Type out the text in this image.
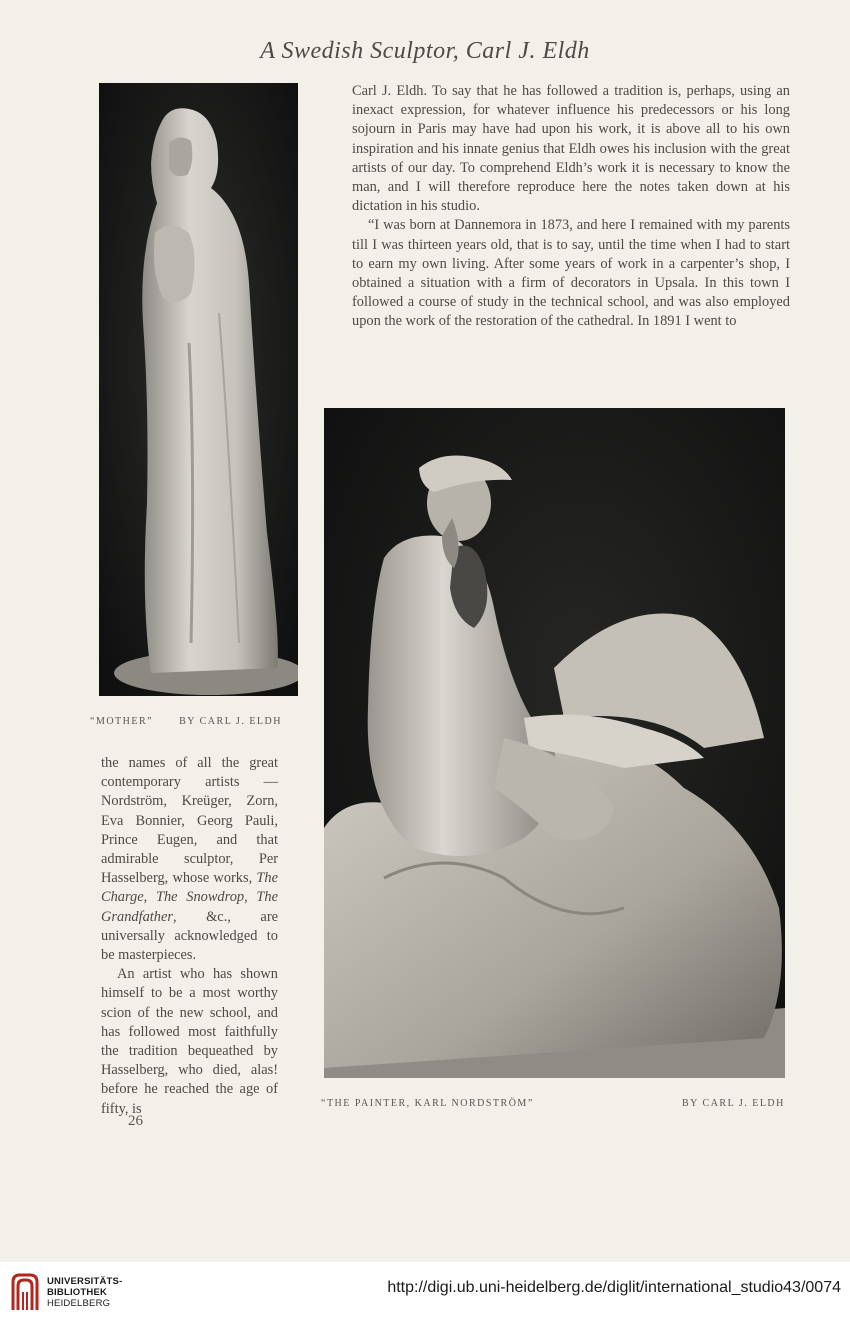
A Swedish Sculptor, Carl J. Eldh
“MOTHER”	BY CARL J. ELDH

Carl J. Eldh. To say that he has followed a tradition is, perhaps, using an inexact expression, for whatever influence his predecessors or his long sojourn in Paris may have had upon his work, it is above all to his own inspiration and his innate genius that Eldh owes his inclusion with the great artists of our day. To comprehend Eldh’s work it is necessary to know the man, and I will therefore reproduce here the notes taken down at his dictation in his studio.

“I was born at Dannemora in 1873, and here I remained with my parents till I was thirteen years old, that is to say, until the time when I had to start to earn my own living. After some years of work in a carpenter’s shop, I obtained a situation with a firm of decorators in Upsala. In this town I followed a course of study in the technical school, and was also employed upon the work of the restoration of the cathedral. In 1891 I went to

“THE PAINTER, KARL NORDSTRÖM”	BY CARL J. ELDH

the names of all the great contemporary artists — Nordström, Kreüger, Zorn, Eva Bonnier, Georg Pauli, Prince Eugen, and that admirable sculptor, Per Hasselberg, whose works, The Charge, The Snowdrop, The Grandfather, &c., are universally acknowledged to be masterpieces.

An artist who has shown himself to be a most worthy scion of the new school, and has followed most faithfully the tradition bequeathed by Hasselberg, who died, alas! before he reached the age of fifty, is

26
UNIVERSITÄTS-
BIBLIOTHEK
HEIDELBERG
http://digi.ub.uni-heidelberg.de/diglit/international_studio43/0074
